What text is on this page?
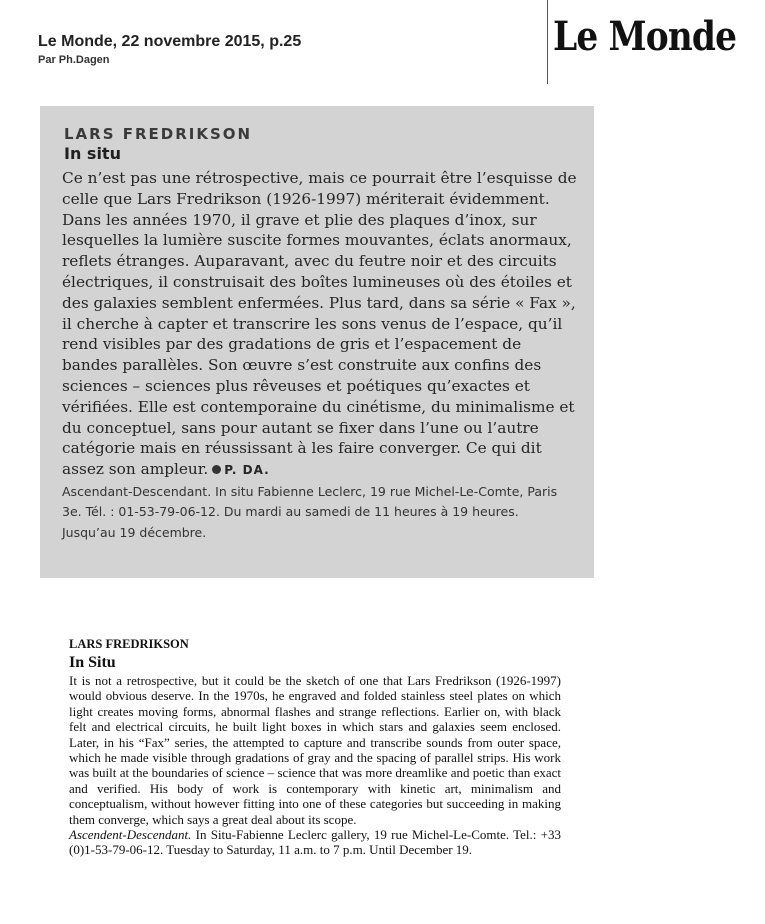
Le Monde, 22 novembre 2015, p.25
Par Ph.Dagen	Le Monde
LARS FREDRIKSON
In situ
Ce n’est pas une rétrospective, mais ce pourrait être l’esquisse de celle que Lars Fredrikson (1926-1997) mériterait évidemment. Dans les années 1970, il grave et plie des plaques d’inox, sur lesquelles la lumière suscite formes mouvantes, éclats anormaux, reflets étranges. Auparavant, avec du feutre noir et des circuits électriques, il construisait des boîtes lumineuses où des étoiles et des galaxies semblent enfermées. Plus tard, dans sa série « Fax », il cherche à capter et transcrire les sons venus de l’espace, qu’il rend visibles par des gradations de gris et l’espacement de bandes parallèles. Son œuvre s’est construite aux confins des sciences – sciences plus rêveuses et poétiques qu’exactes et vérifiées. Elle est contemporaine du cinétisme, du minimalisme et du conceptuel, sans pour autant se fixer dans l’une ou l’autre catégorie mais en réussissant à les faire converger. Ce qui dit assez son ampleur. P. DA.
Ascendant-Descendant. In situ Fabienne Leclerc, 19 rue Michel-Le-Comte, Paris 3e. Tél. : 01-53-79-06-12. Du mardi au samedi de 11 heures à 19 heures. Jusqu’au 19 décembre.
LARS FREDRIKSON
In Situ

It is not a retrospective, but it could be the sketch of one that Lars Fredrikson (1926-1997) would obvious deserve. In the 1970s, he engraved and folded stainless steel plates on which light creates moving forms, abnormal flashes and strange reflections. Earlier on, with black felt and electrical circuits, he built light boxes in which stars and galaxies seem enclosed. Later, in his “Fax” series, the attempted to capture and transcribe sounds from outer space, which he made visible through gradations of gray and the spacing of parallel strips. His work was built at the boundaries of science – science that was more dreamlike and poetic than exact and verified. His body of work is contemporary with kinetic art, minimalism and conceptualism, without however fitting into one of these categories but succeeding in making them converge, which says a great deal about its scope.

Ascendent-Descendant. In Situ-Fabienne Leclerc gallery, 19 rue Michel-Le-Comte. Tel.: +33 (0)1-53-79-06-12. Tuesday to Saturday, 11 a.m. to 7 p.m. Until December 19.
